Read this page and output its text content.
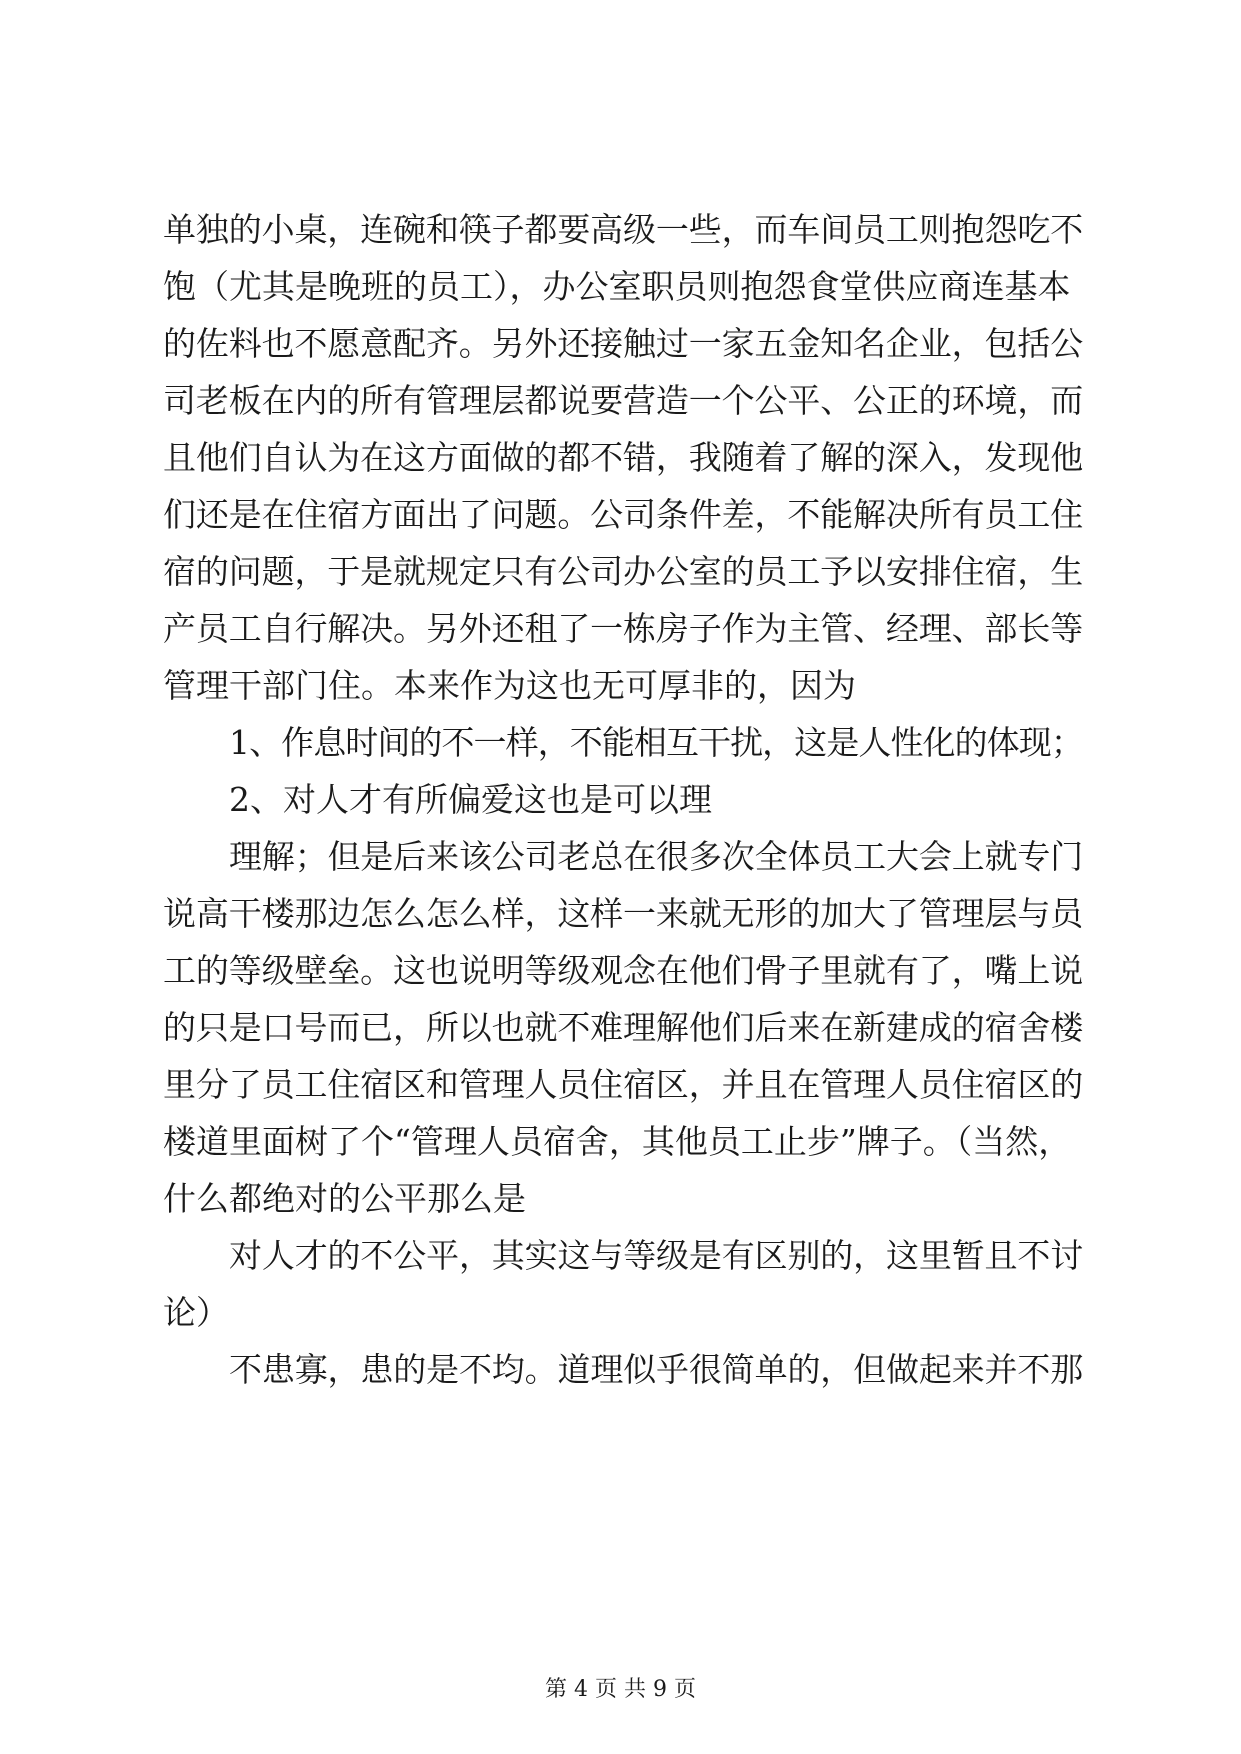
单独的小桌，连碗和筷子都要高级一些，而车间员工则抱怨吃不
饱（尤其是晚班的员工），办公室职员则抱怨食堂供应商连基本
的佐料也不愿意配齐。另外还接触过一家五金知名企业，包括公
司老板在内的所有管理层都说要营造一个公平、公正的环境，而
且他们自认为在这方面做的都不错，我随着了解的深入，发现他
们还是在住宿方面出了问题。公司条件差，不能解决所有员工住
宿的问题，于是就规定只有公司办公室的员工予以安排住宿，生
产员工自行解决。另外还租了一栋房子作为主管、经理、部长等
管理干部门住。本来作为这也无可厚非的，因为
1、作息时间的不一样，不能相互干扰，这是人性化的体现；
2、对人才有所偏爱这也是可以理
理解；但是后来该公司老总在很多次全体员工大会上就专门
说高干楼那边怎么怎么样，这样一来就无形的加大了管理层与员
工的等级壁垒。这也说明等级观念在他们骨子里就有了，嘴上说
的只是口号而已，所以也就不难理解他们后来在新建成的宿舍楼
里分了员工住宿区和管理人员住宿区，并且在管理人员住宿区的
楼道里面树了个“管理人员宿舍，其他员工止步”牌子。（当然，
什么都绝对的公平那么是
对人才的不公平，其实这与等级是有区别的，这里暂且不讨
论）
不患寡，患的是不均。道理似乎很简单的，但做起来并不那
第 4 页 共 9 页
